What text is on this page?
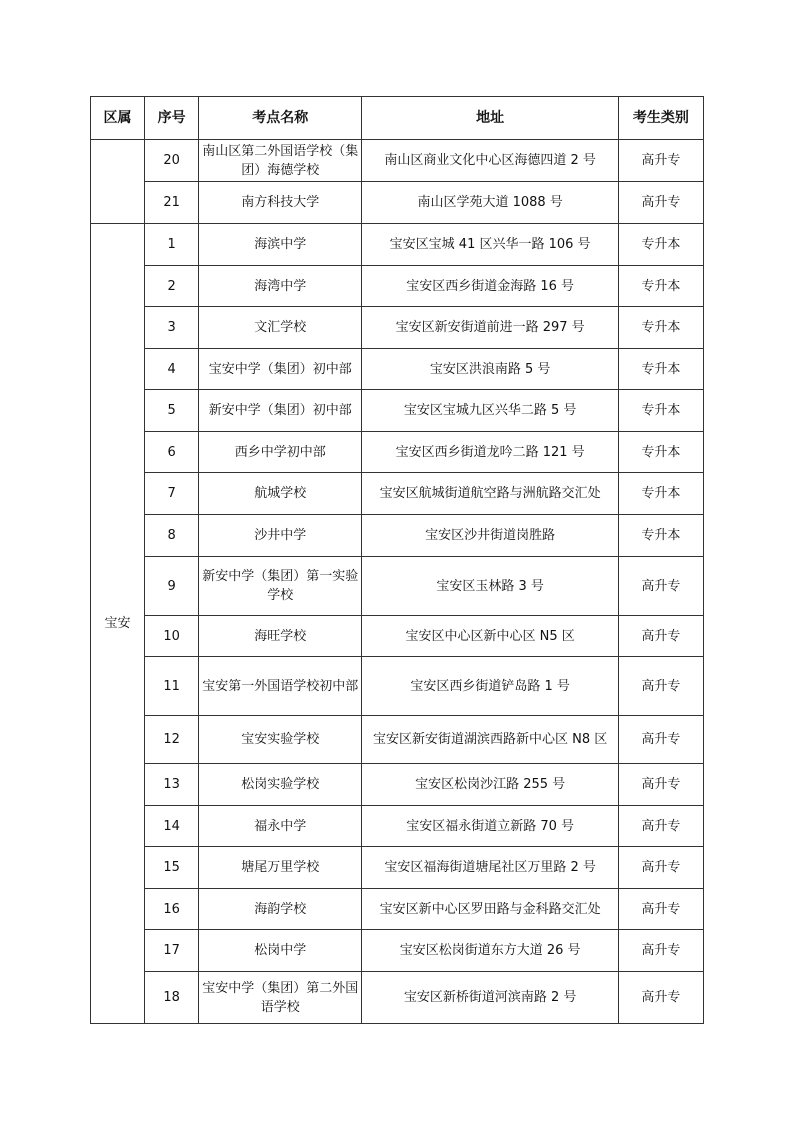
区属	序号	考点名称	地址	考生类别
	20	南山区第二外国语学校（集团）海德学校	南山区商业文化中心区海德四道 2 号	高升专
	21	南方科技大学	南山区学苑大道 1088 号	高升专
宝安	1	海滨中学	宝安区宝城 41 区兴华一路 106 号	专升本
	2	海湾中学	宝安区西乡街道金海路 16 号	专升本
	3	文汇学校	宝安区新安街道前进一路 297 号	专升本
	4	宝安中学（集团）初中部	宝安区洪浪南路 5 号	专升本
	5	新安中学（集团）初中部	宝安区宝城九区兴华二路 5 号	专升本
	6	西乡中学初中部	宝安区西乡街道龙吟二路 121 号	专升本
	7	航城学校	宝安区航城街道航空路与洲航路交汇处	专升本
	8	沙井中学	宝安区沙井街道岗胜路	专升本
	9	新安中学（集团）第一实验学校	宝安区玉林路 3 号	高升专
	10	海旺学校	宝安区中心区新中心区 N5 区	高升专
	11	宝安第一外国语学校初中部	宝安区西乡街道铲岛路 1 号	高升专
	12	宝安实验学校	宝安区新安街道湖滨西路新中心区 N8 区	高升专
	13	松岗实验学校	宝安区松岗沙江路 255 号	高升专
	14	福永中学	宝安区福永街道立新路 70 号	高升专
	15	塘尾万里学校	宝安区福海街道塘尾社区万里路 2 号	高升专
	16	海韵学校	宝安区新中心区罗田路与金科路交汇处	高升专
	17	松岗中学	宝安区松岗街道东方大道 26 号	高升专
	18	宝安中学（集团）第二外国语学校	宝安区新桥街道河滨南路 2 号	高升专
